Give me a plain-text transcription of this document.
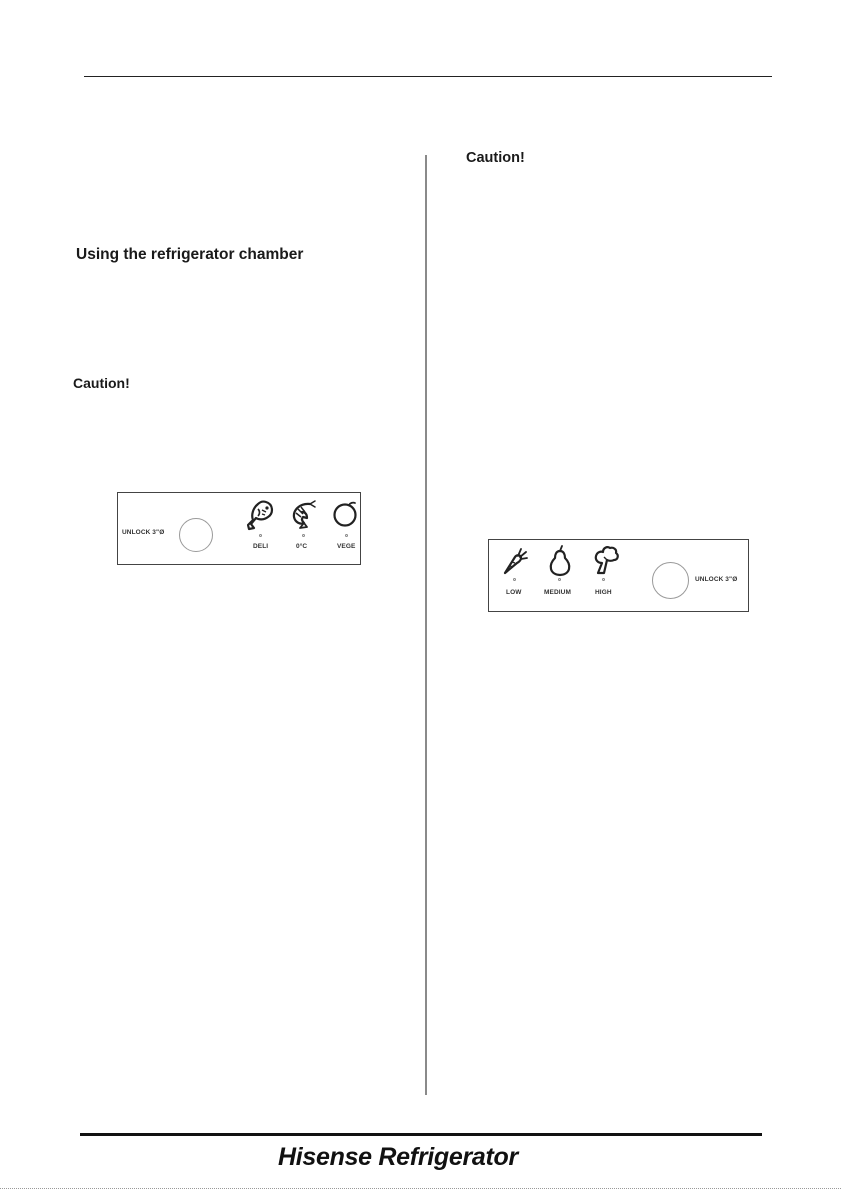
Using the refrigerator chamber
Caution!
Caution!
UNLOCK 3"Ø
DELI	0°C	VEGE
LOW	MEDIUM	HIGH
UNLOCK 3"Ø
Hisense Refrigerator
